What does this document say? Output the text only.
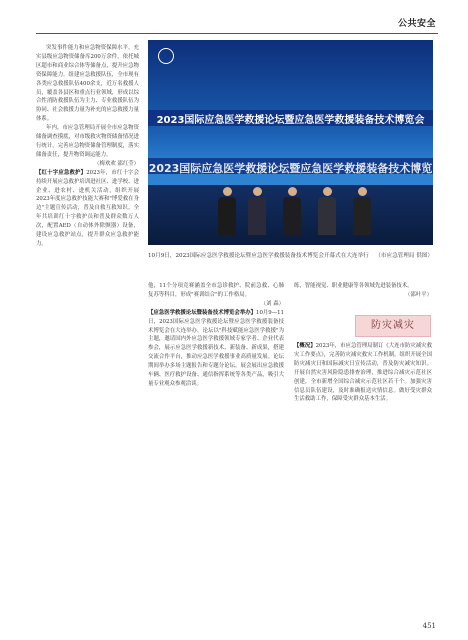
公共安全

突发事件能力和应急物资保障水平。充实县级应急物资储备库200万余件，依托城区超市和商业综合体等储备点，提升应急物资保障能力。组建应急救援队伍，全市现有各类应急救援队伍400余支，近万名救援人员，覆盖各县区和重点行业领域，形成以综合性消防救援队伍为主力、专业救援队伍为协同、社会救援力量为补充的应急救援力量体系。

年内，市应急管理局开展全市应急物资储备调查摸底，对市级救灾物资储备情况进行统计，完善应急物资储备管理制度，落实储备责任，提升物资调运能力。

（梅欢欢 邵红莹）

【红十字应急救护】2023年，市红十字会持续开展应急救护培训进社区、进学校、进企业、进农村、进机关活动，组织开展2023年度应急救护技能大赛和"博爱救在身边"主题宣传活动，普及自救互救知识。全年共培训红十字救护员和普及群众数万人次，配置AED（自动体外除颤器）设备，建设应急救护站点，提升群众应急救护能力。

2023国际应急医学救援论坛暨应急医学救援装备技术博览会
2023国际应急医学救援论坛暨应急医学救援装备技术博览

10月9日，2023国际应急医学救援论坛暨应急医学救援装备技术博览会开幕式在大连举行 （市应急管理局 供图）

他，11个分项竞赛涵盖全市急诊救护、院前急救、心肺复苏等科目，形成"赛训结合"的工作格局。

（刘 森）

【应急医学救援论坛暨装备技术博览会举办】10月9—11日，2023国际应急医学救援论坛暨应急医学救援装备技术博览会在大连举办。论坛以"科技赋能应急医学救援"为主题，邀请国内外应急医学救援领域专家学者、企业代表参会，展示应急医学救援新技术、新装备、新成果，搭建交流合作平台，推动应急医学救援事业高质量发展。论坛期间举办多场主题报告和专题分论坛，展会展出应急救援车辆、医疗救护设备、通信指挥系统等各类产品，吸引大量专业观众参观洽谈。

练，智能视觉、职业健康等各领域先进装备技术。

（邵叶平）

防灾减灾

【概况】2023年，市应急管理局制订《大连市防灾减灾救灾工作要点》，完善防灾减灾救灾工作机制。组织开展全国防灾减灾日和国际减灾日宣传活动，普及防灾减灾知识。开展自然灾害风险隐患排查治理，推进综合减灾示范社区创建，全市新增全国综合减灾示范社区若干个。加强灾害信息员队伍建设，及时准确报送灾情信息。做好受灾群众生活救助工作，保障受灾群众基本生活。

451
